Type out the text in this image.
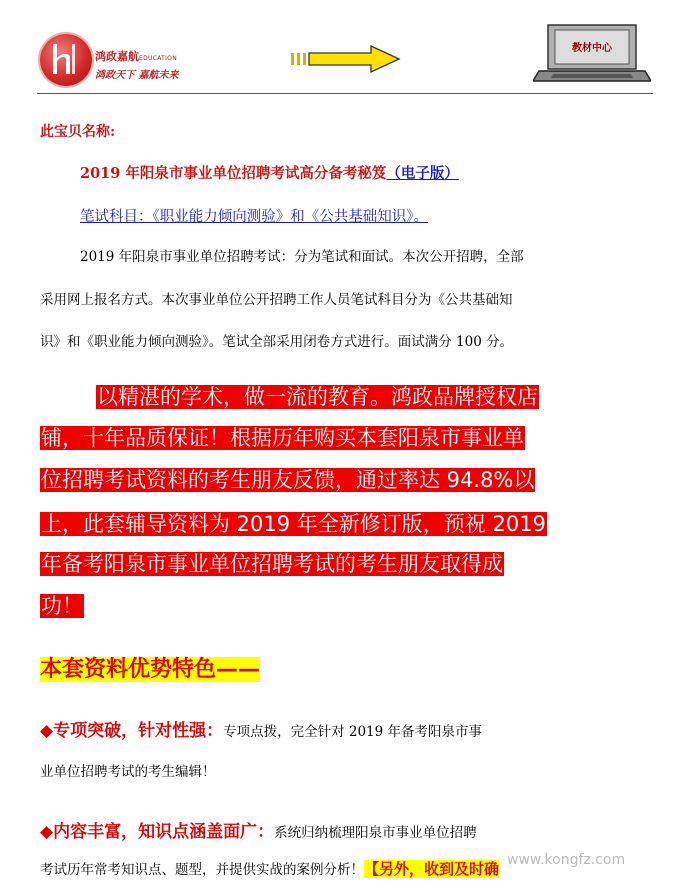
鸿政嘉航EDUCATION
鸿政天下 嘉航未来
教材中心
此宝贝名称:
2019 年阳泉市事业单位招聘考试高分备考秘笈（电子版）
笔试科目：《职业能力倾向测验》和《公共基础知识》。
2019 年阳泉市事业单位招聘考试：分为笔试和面试。本次公开招聘，全部
采用网上报名方式。本次事业单位公开招聘工作人员笔试科目分为《公共基础知
识》和《职业能力倾向测验》。笔试全部采用闭卷方式进行。面试满分 100 分。
以精湛的学术，做一流的教育。鸿政品牌授权店
铺，十年品质保证！根据历年购买本套阳泉市事业单
位招聘考试资料的考生朋友反馈，通过率达 94.8%以
上，此套辅导资料为 2019 年全新修订版，预祝 2019
年备考阳泉市事业单位招聘考试的考生朋友取得成
功！
本套资料优势特色——
◆专项突破，针对性强：专项点拨，完全针对 2019 年备考阳泉市事
业单位招聘考试的考生编辑！
◆内容丰富，知识点涵盖面广：系统归纳梳理阳泉市事业单位招聘
考试历年常考知识点、题型，并提供实战的案例分析！【另外，收到及时确 www.kongfz.com
